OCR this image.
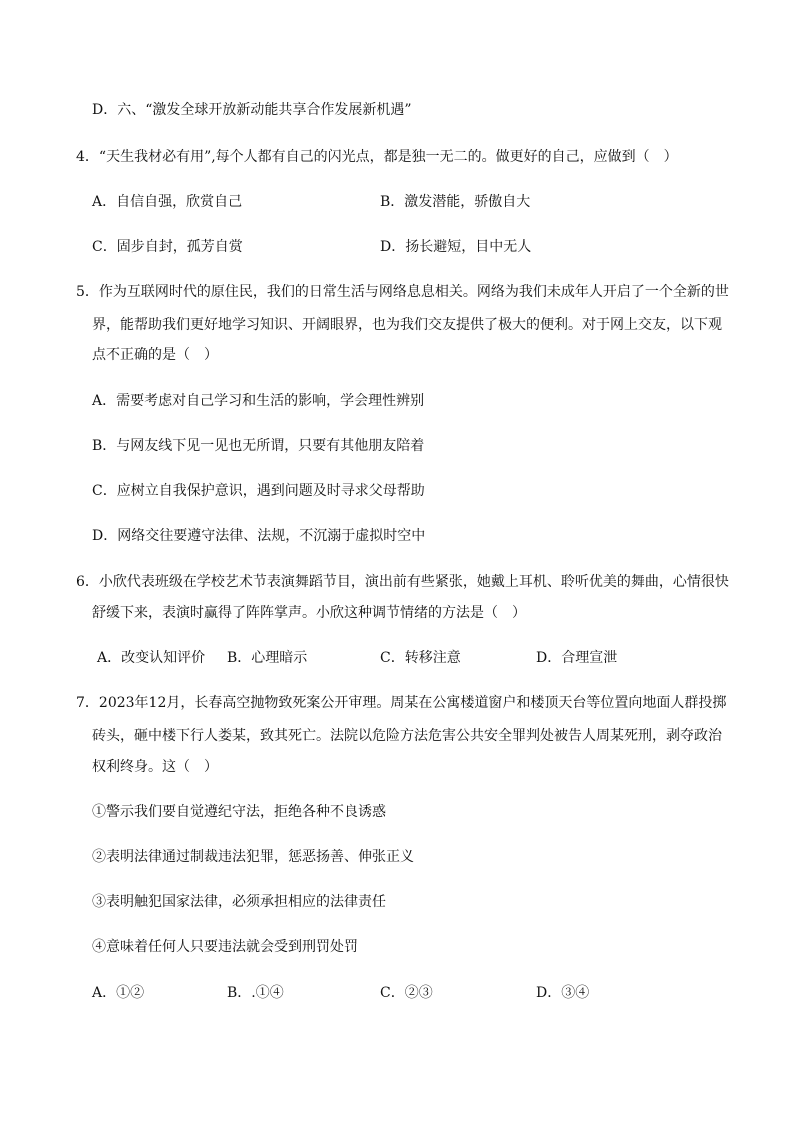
D．六、“激发全球开放新动能共享合作发展新机遇”
4．“天生我材必有用”,每个人都有自己的闪光点，都是独一无二的。做更好的自己，应做到（　）
A．自信自强，欣赏自己	B．激发潜能，骄傲自大
C．固步自封，孤芳自赏	D．扬长避短，目中无人
5．作为互联网时代的原住民，我们的日常生活与网络息息相关。网络为我们未成年人开启了一个全新的世
界，能帮助我们更好地学习知识、开阔眼界，也为我们交友提供了极大的便利。对于网上交友，以下观
点不正确的是（　）
A．需要考虑对自己学习和生活的影响，学会理性辨别
B．与网友线下见一见也无所谓，只要有其他朋友陪着
C．应树立自我保护意识，遇到问题及时寻求父母帮助
D．网络交往要遵守法律、法规，不沉溺于虚拟时空中
6．小欣代表班级在学校艺术节表演舞蹈节目，演出前有些紧张，她戴上耳机、聆听优美的舞曲，心情很快
舒缓下来，表演时赢得了阵阵掌声。小欣这种调节情绪的方法是（　）
A．改变认知评价 B．心理暗示	C．转移注意	D．合理宣泄
7．2023年12月，长春高空抛物致死案公开审理。周某在公寓楼道窗户和楼顶天台等位置向地面人群投掷
砖头，砸中楼下行人娄某，致其死亡。法院以危险方法危害公共安全罪判处被告人周某死刑，剥夺政治
权利终身。这（　）
①警示我们要自觉遵纪守法，拒绝各种不良诱惑
②表明法律通过制裁违法犯罪，惩恶扬善、伸张正义
③表明触犯国家法律，必须承担相应的法律责任
④意味着任何人只要违法就会受到刑罚处罚
A．①②	B．.①④	C．②③	D．③④
